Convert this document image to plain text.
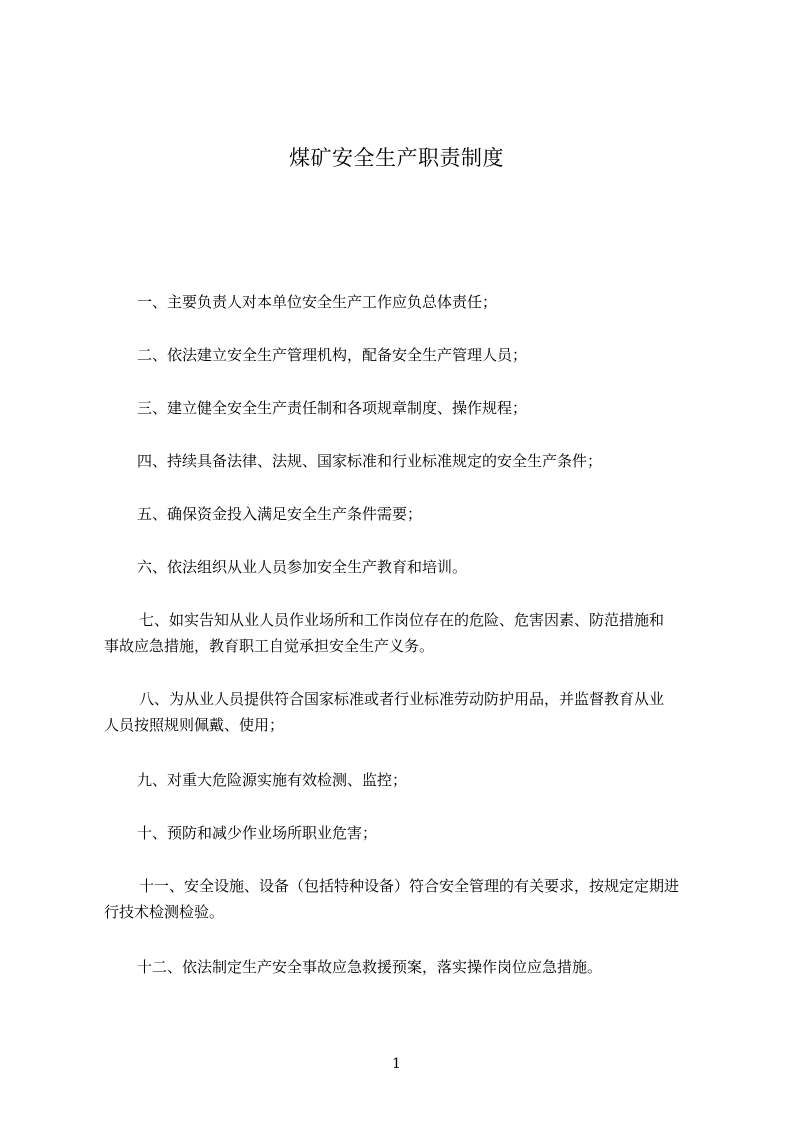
煤矿安全生产职责制度
一、主要负责人对本单位安全生产工作应负总体责任；
二、依法建立安全生产管理机构，配备安全生产管理人员；
三、建立健全安全生产责任制和各项规章制度、操作规程；
四、持续具备法律、法规、国家标准和行业标准规定的安全生产条件；
五、确保资金投入满足安全生产条件需要；
六、依法组织从业人员参加安全生产教育和培训。
七、如实告知从业人员作业场所和工作岗位存在的危险、危害因素、防范措施和
事故应急措施，教育职工自觉承担安全生产义务。
八、为从业人员提供符合国家标准或者行业标准劳动防护用品，并监督教育从业
人员按照规则佩戴、使用；
九、对重大危险源实施有效检测、监控；
十、预防和减少作业场所职业危害；
十一、安全设施、设备（包括特种设备）符合安全管理的有关要求，按规定定期进
行技术检测检验。
十二、依法制定生产安全事故应急救援预案，落实操作岗位应急措施。
1
